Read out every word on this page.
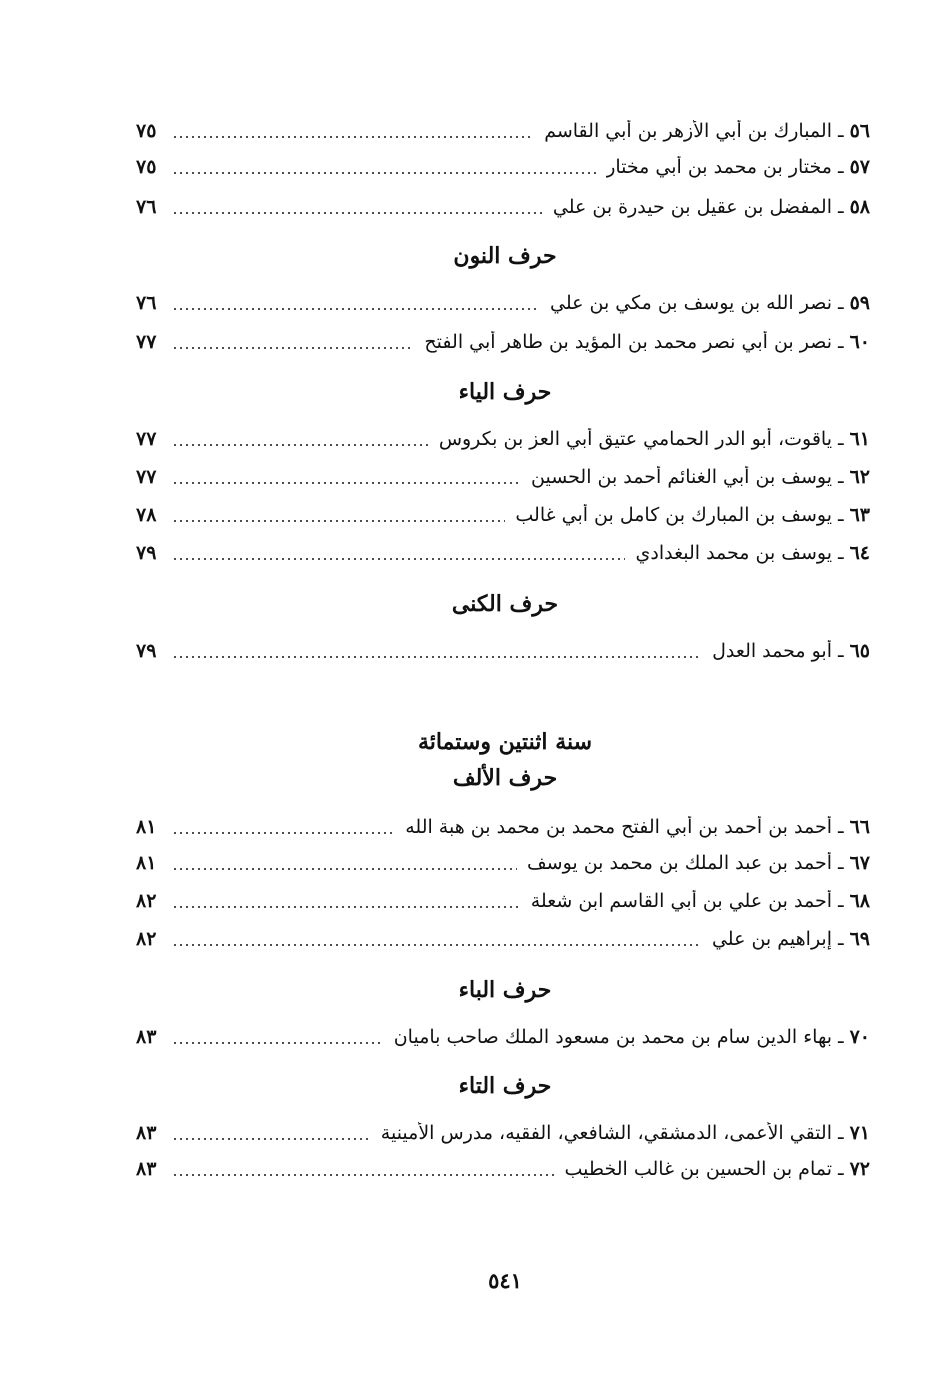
٥٦
ـ
المبارك بن أبي الأزهر بن أبي القاسم
٧٥
٥٧
ـ
مختار بن محمد بن أبي مختار
٧٥
٥٨
ـ
المفضل بن عقيل بن حيدرة بن علي
٧٦
حرف النون
٥٩
ـ
نصر الله بن يوسف بن مكي بن علي
٧٦
٦٠
ـ
نصر بن أبي نصر محمد بن المؤيد بن طاهر أبي الفتح
٧٧
حرف الياء
٦١
ـ
ياقوت، أبو الدر الحمامي عتيق أبي العز بن بكروس
٧٧
٦٢
ـ
يوسف بن أبي الغنائم أحمد بن الحسين
٧٧
٦٣
ـ
يوسف بن المبارك بن كامل بن أبي غالب
٧٨
٦٤
ـ
يوسف بن محمد البغدادي
٧٩
حرف الكنى
٦٥
ـ
أبو محمد العدل
٧٩
سنة اثنتين وستمائة
حرف الألف
٦٦
ـ
أحمد بن أحمد بن أبي الفتح محمد بن محمد بن هبة الله
٨١
٦٧
ـ
أحمد بن عبد الملك بن محمد بن يوسف
٨١
٦٨
ـ
أحمد بن علي بن أبي القاسم ابن شعلة
٨٢
٦٩
ـ
إبراهيم بن علي
٨٢
حرف الباء
٧٠
ـ
بهاء الدين سام بن محمد بن مسعود الملك صاحب باميان
٨٣
حرف التاء
٧١
ـ
التقي الأعمى، الدمشقي، الشافعي، الفقيه، مدرس الأمينية
٨٣
٧٢
ـ
تمام بن الحسين بن غالب الخطيب
٨٣
٥٤١
